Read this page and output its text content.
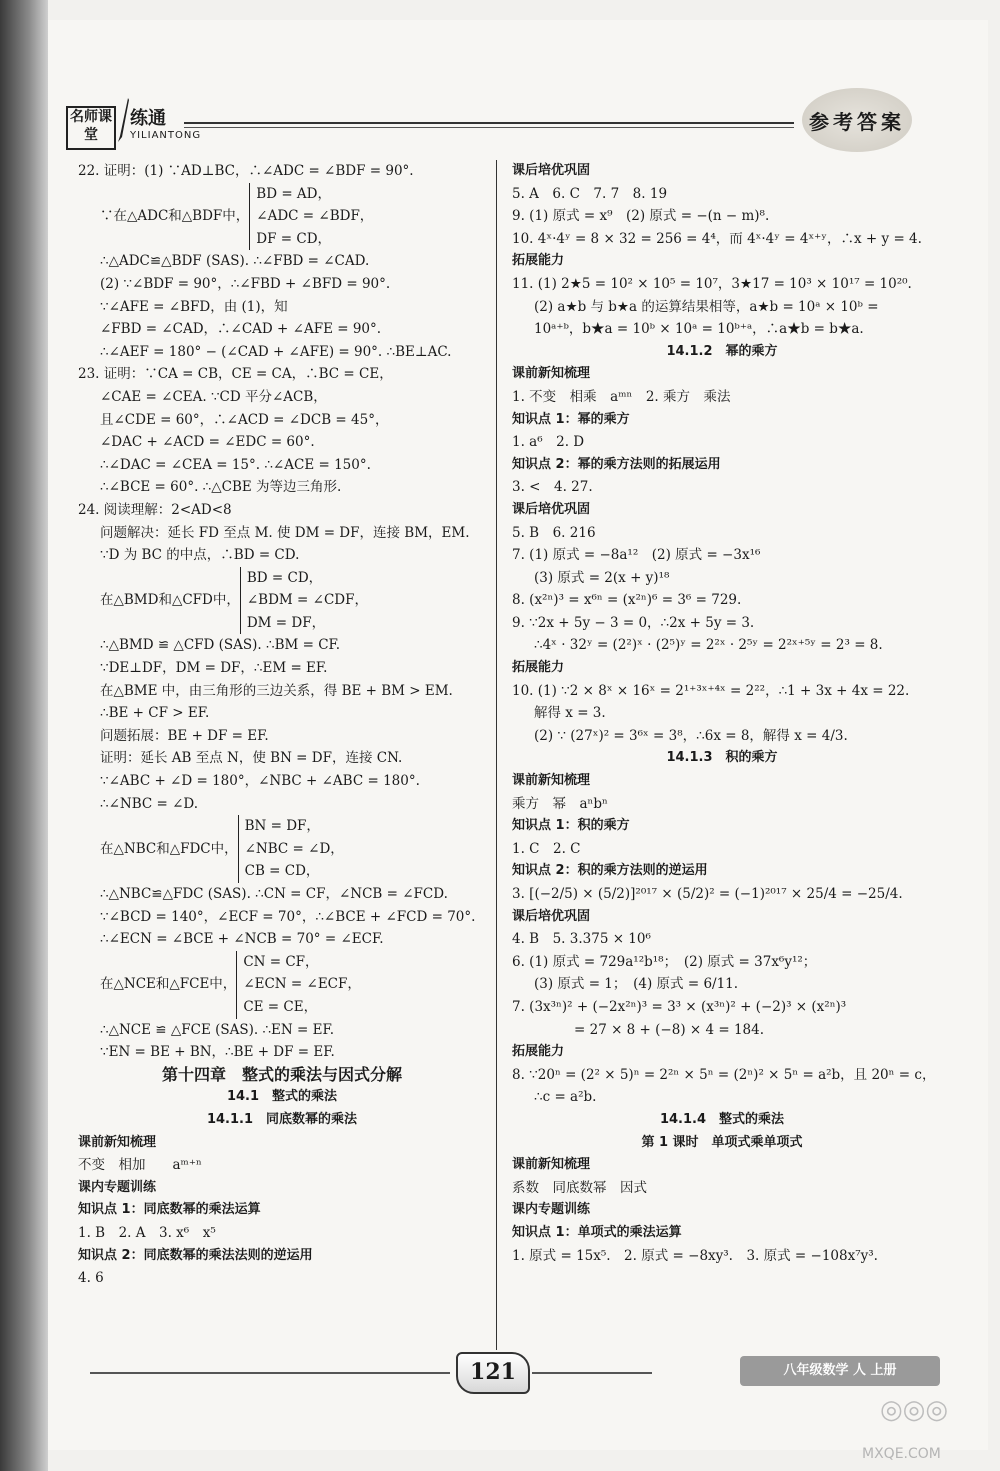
名师课堂
练通
YILIANTONG
参考答案
22. 证明：(1) ∵AD⊥BC，∴∠ADC = ∠BDF = 90°.
∵在△ADC和△BDF中，
BD = AD，
∠ADC = ∠BDF，
DF = CD，
∴△ADC≌△BDF (SAS). ∴∠FBD = ∠CAD.
(2) ∵∠BDF = 90°，∴∠FBD + ∠BFD = 90°.
∵∠AFE = ∠BFD，由 (1)，知
∠FBD = ∠CAD，∴∠CAD + ∠AFE = 90°.
∴∠AEF = 180° − (∠CAD + ∠AFE) = 90°. ∴BE⊥AC.
23. 证明：∵CA = CB，CE = CA，∴BC = CE，
∠CAE = ∠CEA. ∵CD 平分∠ACB，
且∠CDE = 60°，∴∠ACD = ∠DCB = 45°，
∠DAC + ∠ACD = ∠EDC = 60°.
∴∠DAC = ∠CEA = 15°. ∴∠ACE = 150°.
∴∠BCE = 60°. ∴△CBE 为等边三角形.
24. 阅读理解：2<AD<8
问题解决：延长 FD 至点 M. 使 DM = DF，连接 BM，EM.
∵D 为 BC 的中点，∴BD = CD.
在△BMD和△CFD中，
BD = CD，
∠BDM = ∠CDF，
DM = DF，
∴△BMD ≌ △CFD (SAS). ∴BM = CF.
∵DE⊥DF，DM = DF，∴EM = EF.
在△BME 中，由三角形的三边关系，得 BE + BM > EM.
∴BE + CF > EF.
问题拓展：BE + DF = EF.
证明：延长 AB 至点 N，使 BN = DF，连接 CN.
∵∠ABC + ∠D = 180°，∠NBC + ∠ABC = 180°.
∴∠NBC = ∠D.
在△NBC和△FDC中，
BN = DF，
∠NBC = ∠D，
CB = CD，
∴△NBC≌△FDC (SAS). ∴CN = CF，∠NCB = ∠FCD.
∵∠BCD = 140°，∠ECF = 70°，∴∠BCE + ∠FCD = 70°.
∴∠ECN = ∠BCE + ∠NCB = 70° = ∠ECF.
在△NCE和△FCE中，
CN = CF，
∠ECN = ∠ECF，
CE = CE，
∴△NCE ≌ △FCE (SAS). ∴EN = EF.
∵EN = BE + BN，∴BE + DF = EF.
第十四章　整式的乘法与因式分解
14.1　整式的乘法
14.1.1　同底数幂的乘法
课前新知梳理
不变　相加　　aᵐ⁺ⁿ
课内专题训练
知识点 1：同底数幂的乘法运算
1. B　2. A　3. x⁶　x⁵
知识点 2：同底数幂的乘法法则的逆运用
4. 6
课后培优巩固
5. A　6. C　7. 7　8. 19
9. (1) 原式 = x⁹　(2) 原式 = −(n − m)⁸.
10. 4ˣ·4ʸ = 8 × 32 = 256 = 4⁴，而 4ˣ·4ʸ = 4ˣ⁺ʸ，∴x + y = 4.
拓展能力
11. (1) 2★5 = 10² × 10⁵ = 10⁷，3★17 = 10³ × 10¹⁷ = 10²⁰.
(2) a★b 与 b★a 的运算结果相等，a★b = 10ᵃ × 10ᵇ =
10ᵃ⁺ᵇ，b★a = 10ᵇ × 10ᵃ = 10ᵇ⁺ᵃ，∴a★b = b★a.
14.1.2　幂的乘方
课前新知梳理
1. 不变　相乘　aᵐⁿ　2. 乘方　乘法
知识点 1：幂的乘方
1. a⁶　2. D
知识点 2：幂的乘方法则的拓展运用
3. <　4. 27.
课后培优巩固
5. B　6. 216
7. (1) 原式 = −8a¹²　(2) 原式 = −3x¹⁶
(3) 原式 = 2(x + y)¹⁸
8. (x²ⁿ)³ = x⁶ⁿ = (x²ⁿ)⁶ = 3⁶ = 729.
9. ∵2x + 5y − 3 = 0，∴2x + 5y = 3.
∴4ˣ · 32ʸ = (2²)ˣ · (2⁵)ʸ = 2²ˣ · 2⁵ʸ = 2²ˣ⁺⁵ʸ = 2³ = 8.
拓展能力
10. (1) ∵2 × 8ˣ × 16ˣ = 2¹⁺³ˣ⁺⁴ˣ = 2²²，∴1 + 3x + 4x = 22.
解得 x = 3.
(2) ∵ (27ˣ)² = 3⁶ˣ = 3⁸，∴6x = 8，解得 x = 4/3.
14.1.3　积的乘方
课前新知梳理
乘方　幂　aⁿbⁿ
知识点 1：积的乘方
1. C　2. C
知识点 2：积的乘方法则的逆运用
3. [(−2/5) × (5/2)]²⁰¹⁷ × (5/2)² = (−1)²⁰¹⁷ × 25/4 = −25/4.
课后培优巩固
4. B　5. 3.375 × 10⁶
6. (1) 原式 = 729a¹²b¹⁸；　(2) 原式 = 37x⁶y¹²；
(3) 原式 = 1；　(4) 原式 = 6/11.
7. (3x³ⁿ)² + (−2x²ⁿ)³ = 3³ × (x³ⁿ)² + (−2)³ × (x²ⁿ)³
= 27 × 8 + (−8) × 4 = 184.
拓展能力
8. ∵20ⁿ = (2² × 5)ⁿ = 2²ⁿ × 5ⁿ = (2ⁿ)² × 5ⁿ = a²b，且 20ⁿ = c，
∴c = a²b.
14.1.4　整式的乘法
第 1 课时　单项式乘单项式
课前新知梳理
系数　同底数幂　因式
课内专题训练
知识点 1：单项式的乘法运算
1. 原式 = 15x⁵.　2. 原式 = −8xy³.　3. 原式 = −108x⁷y³.
121	八年级数学 人 上册
◎◎◎
MXQE.COM
